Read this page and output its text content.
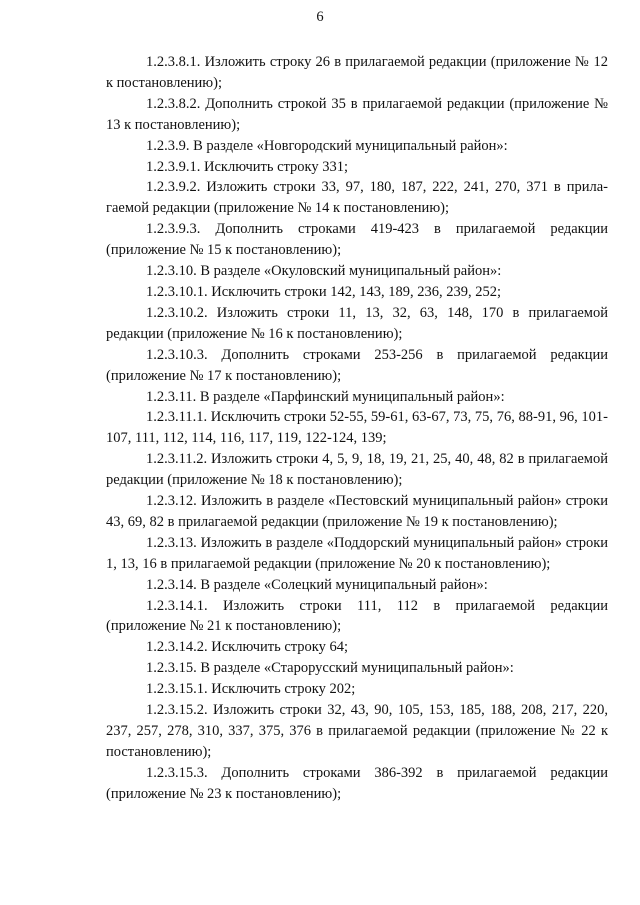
6

1.2.3.8.1. Изложить строку 26 в прилагаемой редакции (приложение № 12 к постановлению);

1.2.3.8.2. Дополнить строкой 35 в прилагаемой редакции (приложение № 13 к постановлению);

1.2.3.9. В разделе «Новгородский муниципальный район»:

1.2.3.9.1. Исключить строку 331;

1.2.3.9.2. Изложить строки 33, 97, 180, 187, 222, 241, 270, 371 в прилагаемой редакции (приложение № 14 к постановлению);

1.2.3.9.3. Дополнить строками 419-423 в прилагаемой редакции (приложение № 15 к постановлению);

1.2.3.10. В разделе «Окуловский муниципальный район»:

1.2.3.10.1. Исключить строки 142, 143, 189, 236, 239, 252;

1.2.3.10.2. Изложить строки 11, 13, 32, 63, 148, 170 в прилагаемой редакции (приложение № 16 к постановлению);

1.2.3.10.3. Дополнить строками 253-256 в прилагаемой редакции (приложение № 17 к постановлению);

1.2.3.11. В разделе «Парфинский муниципальный район»:

1.2.3.11.1. Исключить строки 52-55, 59-61, 63-67, 73, 75, 76, 88-91, 96, 101-107, 111, 112, 114, 116, 117, 119, 122-124, 139;

1.2.3.11.2. Изложить строки 4, 5, 9, 18, 19, 21, 25, 40, 48, 82 в прилагаемой редакции (приложение № 18 к постановлению);

1.2.3.12. Изложить в разделе «Пестовский муниципальный район» строки 43, 69, 82 в прилагаемой редакции (приложение № 19 к постановлению);

1.2.3.13. Изложить в разделе «Поддорский муниципальный район» строки 1, 13, 16 в прилагаемой редакции (приложение № 20 к постановлению);

1.2.3.14. В разделе «Солецкий муниципальный район»:

1.2.3.14.1. Изложить строки 111, 112 в прилагаемой редакции (приложение № 21 к постановлению);

1.2.3.14.2. Исключить строку 64;

1.2.3.15. В разделе «Старорусский муниципальный район»:

1.2.3.15.1. Исключить строку 202;

1.2.3.15.2. Изложить строки 32, 43, 90, 105, 153, 185, 188, 208, 217, 220, 237, 257, 278, 310, 337, 375, 376 в прилагаемой редакции (приложение № 22 к постановлению);

1.2.3.15.3. Дополнить строками 386-392 в прилагаемой редакции (приложение № 23 к постановлению);
